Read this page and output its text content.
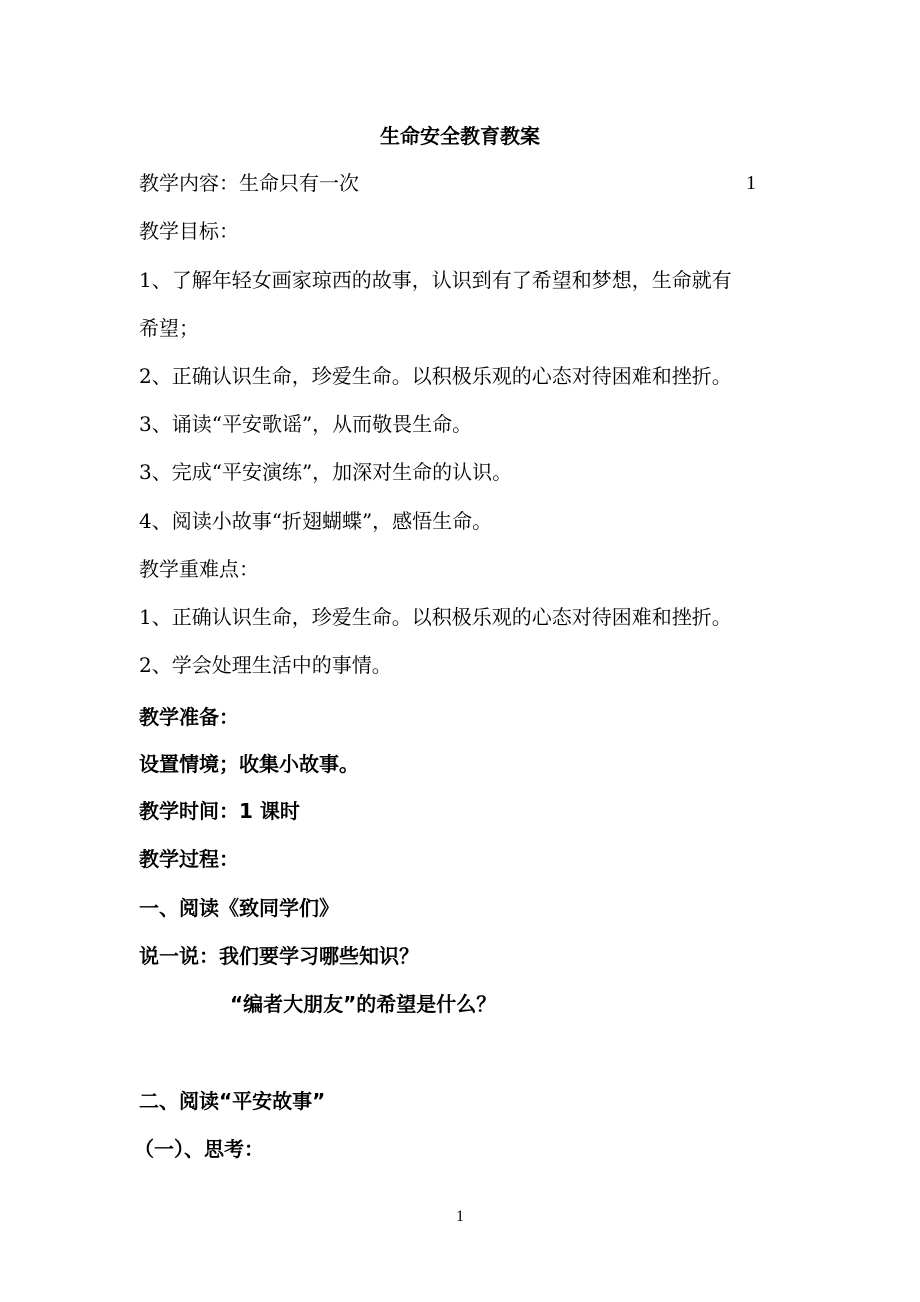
生命安全教育教案
教学内容：生命只有一次	1
教学目标：
1、了解年轻女画家琼西的故事，认识到有了希望和梦想，生命就有
希望；
2、正确认识生命，珍爱生命。以积极乐观的心态对待困难和挫折。
3、诵读“平安歌谣”，从而敬畏生命。
3、完成“平安演练”，加深对生命的认识。
4、阅读小故事“折翅蝴蝶”，感悟生命。
教学重难点：
1、正确认识生命，珍爱生命。以积极乐观的心态对待困难和挫折。
2、学会处理生活中的事情。
教学准备：
设置情境；收集小故事。
教学时间：1 课时
教学过程：
一、阅读《致同学们》
说一说：我们要学习哪些知识？
“编者大朋友”的希望是什么？
二、阅读“平安故事”
（一）、思考：
1
